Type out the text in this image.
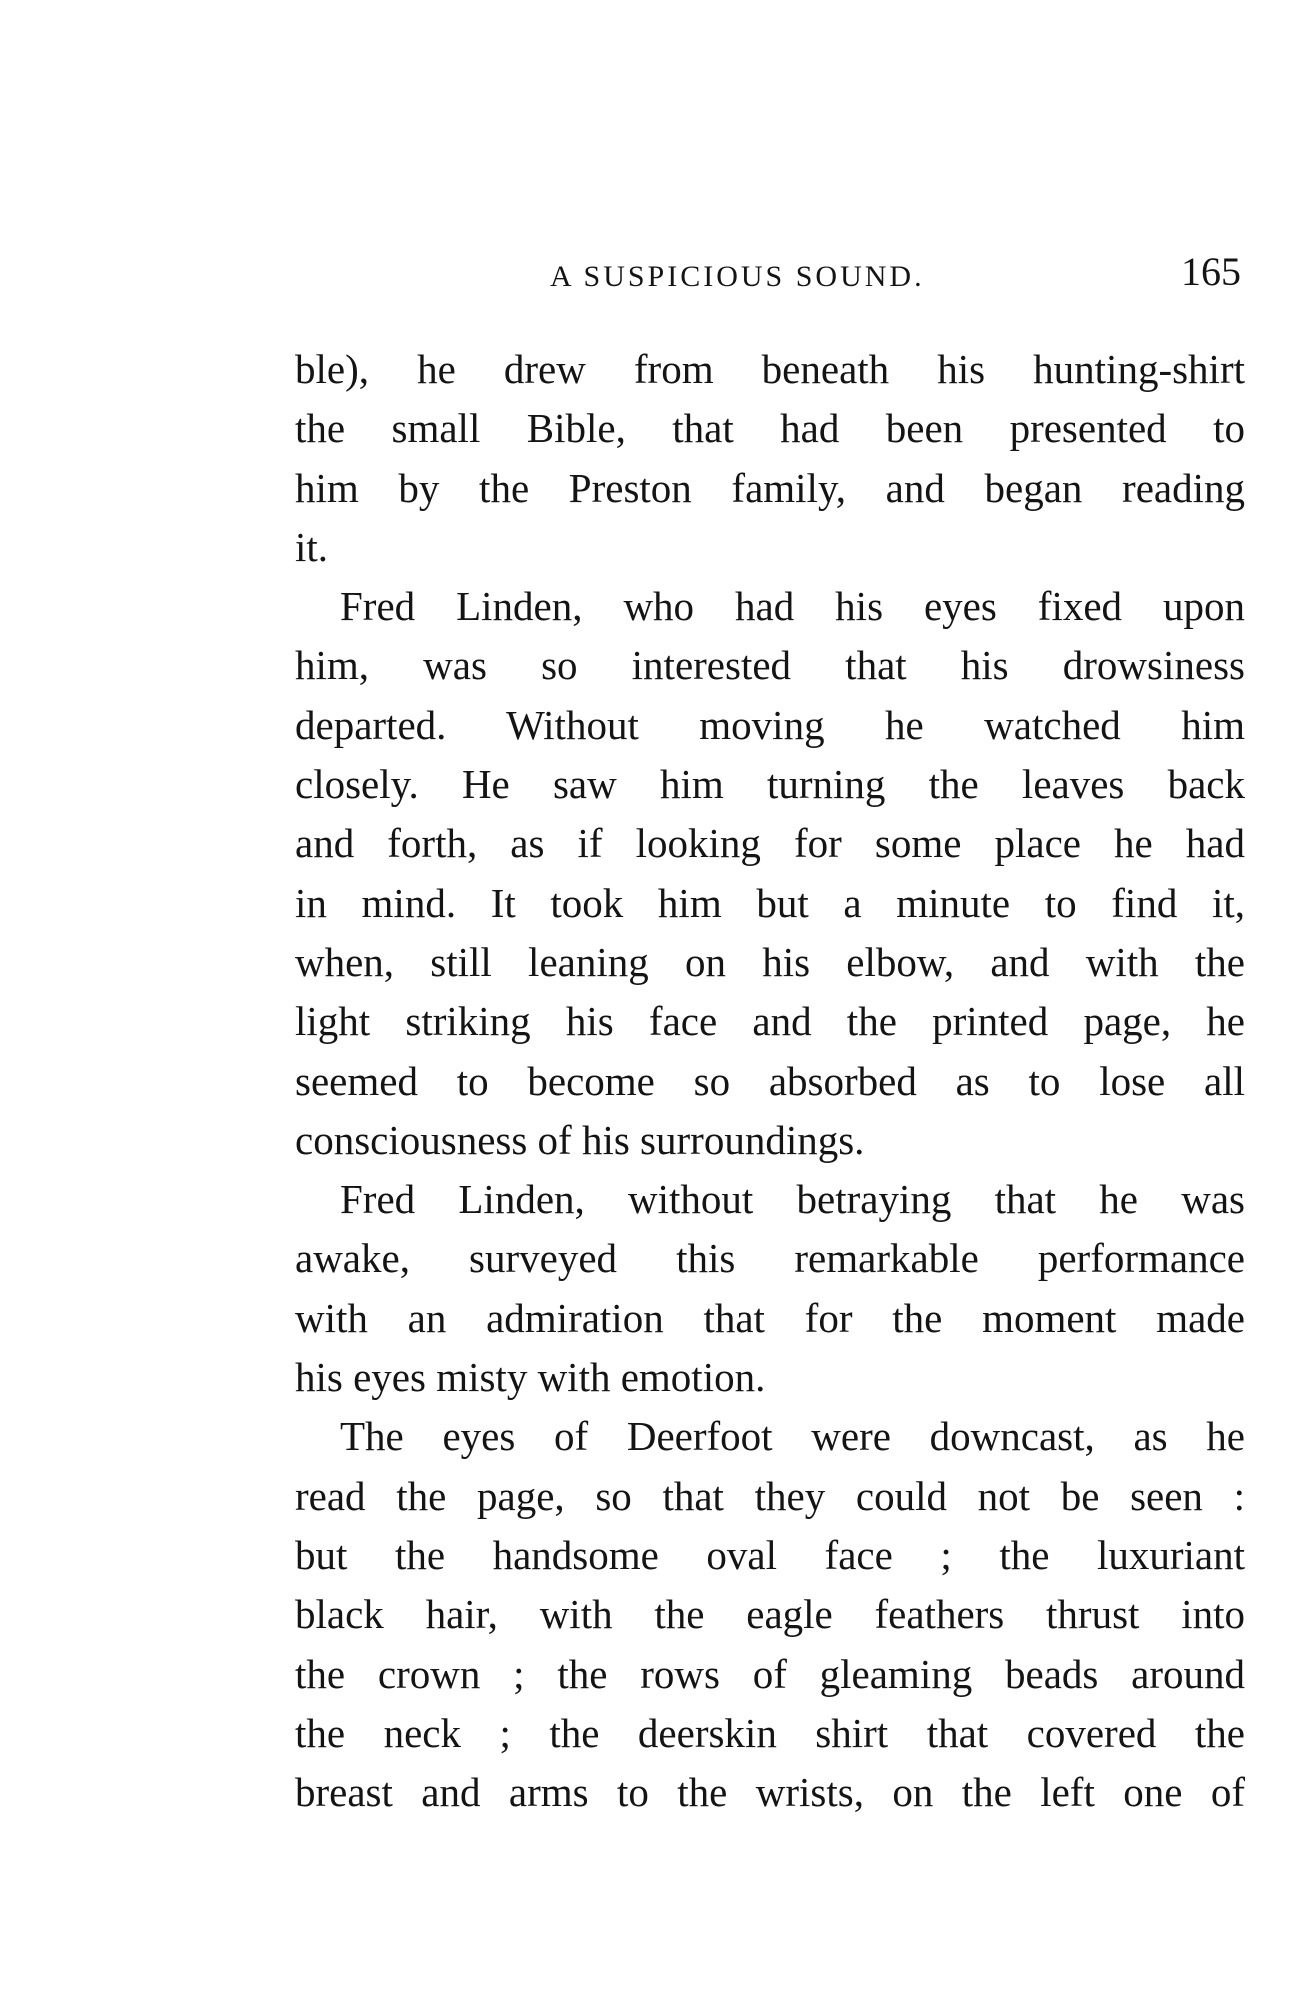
A SUSPICIOUS SOUND.	165
ble), he drew from beneath his hunting-shirt
the small Bible, that had been presented to
him by the Preston family, and began reading
it.
Fred Linden, who had his eyes fixed upon
him, was so interested that his drowsiness
departed. Without moving he watched him
closely. He saw him turning the leaves back
and forth, as if looking for some place he had
in mind. It took him but a minute to find it,
when, still leaning on his elbow, and with the
light striking his face and the printed page, he
seemed to become so absorbed as to lose all
consciousness of his surroundings.
Fred Linden, without betraying that he was
awake, surveyed this remarkable performance
with an admiration that for the moment made
his eyes misty with emotion.
The eyes of Deerfoot were downcast, as he
read the page, so that they could not be seen :
but the handsome oval face ; the luxuriant
black hair, with the eagle feathers thrust into
the crown ; the rows of gleaming beads around
the neck ; the deerskin shirt that covered the
breast and arms to the wrists, on the left one of
